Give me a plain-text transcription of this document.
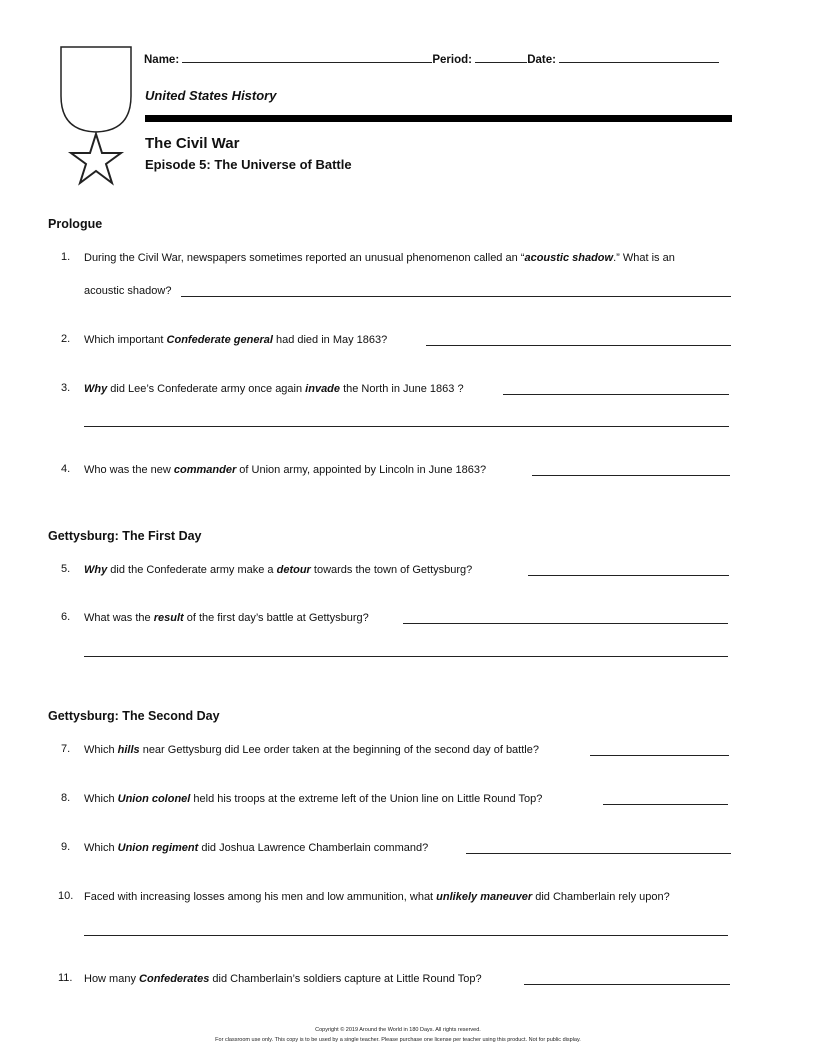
Name:	Period:	Date:
United States History
The Civil War
Episode 5: The Universe of Battle
Prologue
1. During the Civil War, newspapers sometimes reported an unusual phenomenon called an “acoustic shadow.” What is an
acoustic shadow?
2. Which important Confederate general had died in May 1863?
3. Why did Lee’s Confederate army once again invade the North in June 1863 ?
4. Who was the new commander of Union army, appointed by Lincoln in June 1863?
Gettysburg: The First Day
5. Why did the Confederate army make a detour towards the town of Gettysburg?
6. What was the result of the first day’s battle at Gettysburg?
Gettysburg: The Second Day
7. Which hills near Gettysburg did Lee order taken at the beginning of the second day of battle?
8. Which Union colonel held his troops at the extreme left of the Union line on Little Round Top?
9. Which Union regiment did Joshua Lawrence Chamberlain command?
10. Faced with increasing losses among his men and low ammunition, what unlikely maneuver did Chamberlain rely upon?
11. How many Confederates did Chamberlain’s soldiers capture at Little Round Top?
Copyright © 2019 Around the World in 180 Days. All rights reserved.
For classroom use only. This copy is to be used by a single teacher. Please purchase one license per teacher using this product. Not for public display.
